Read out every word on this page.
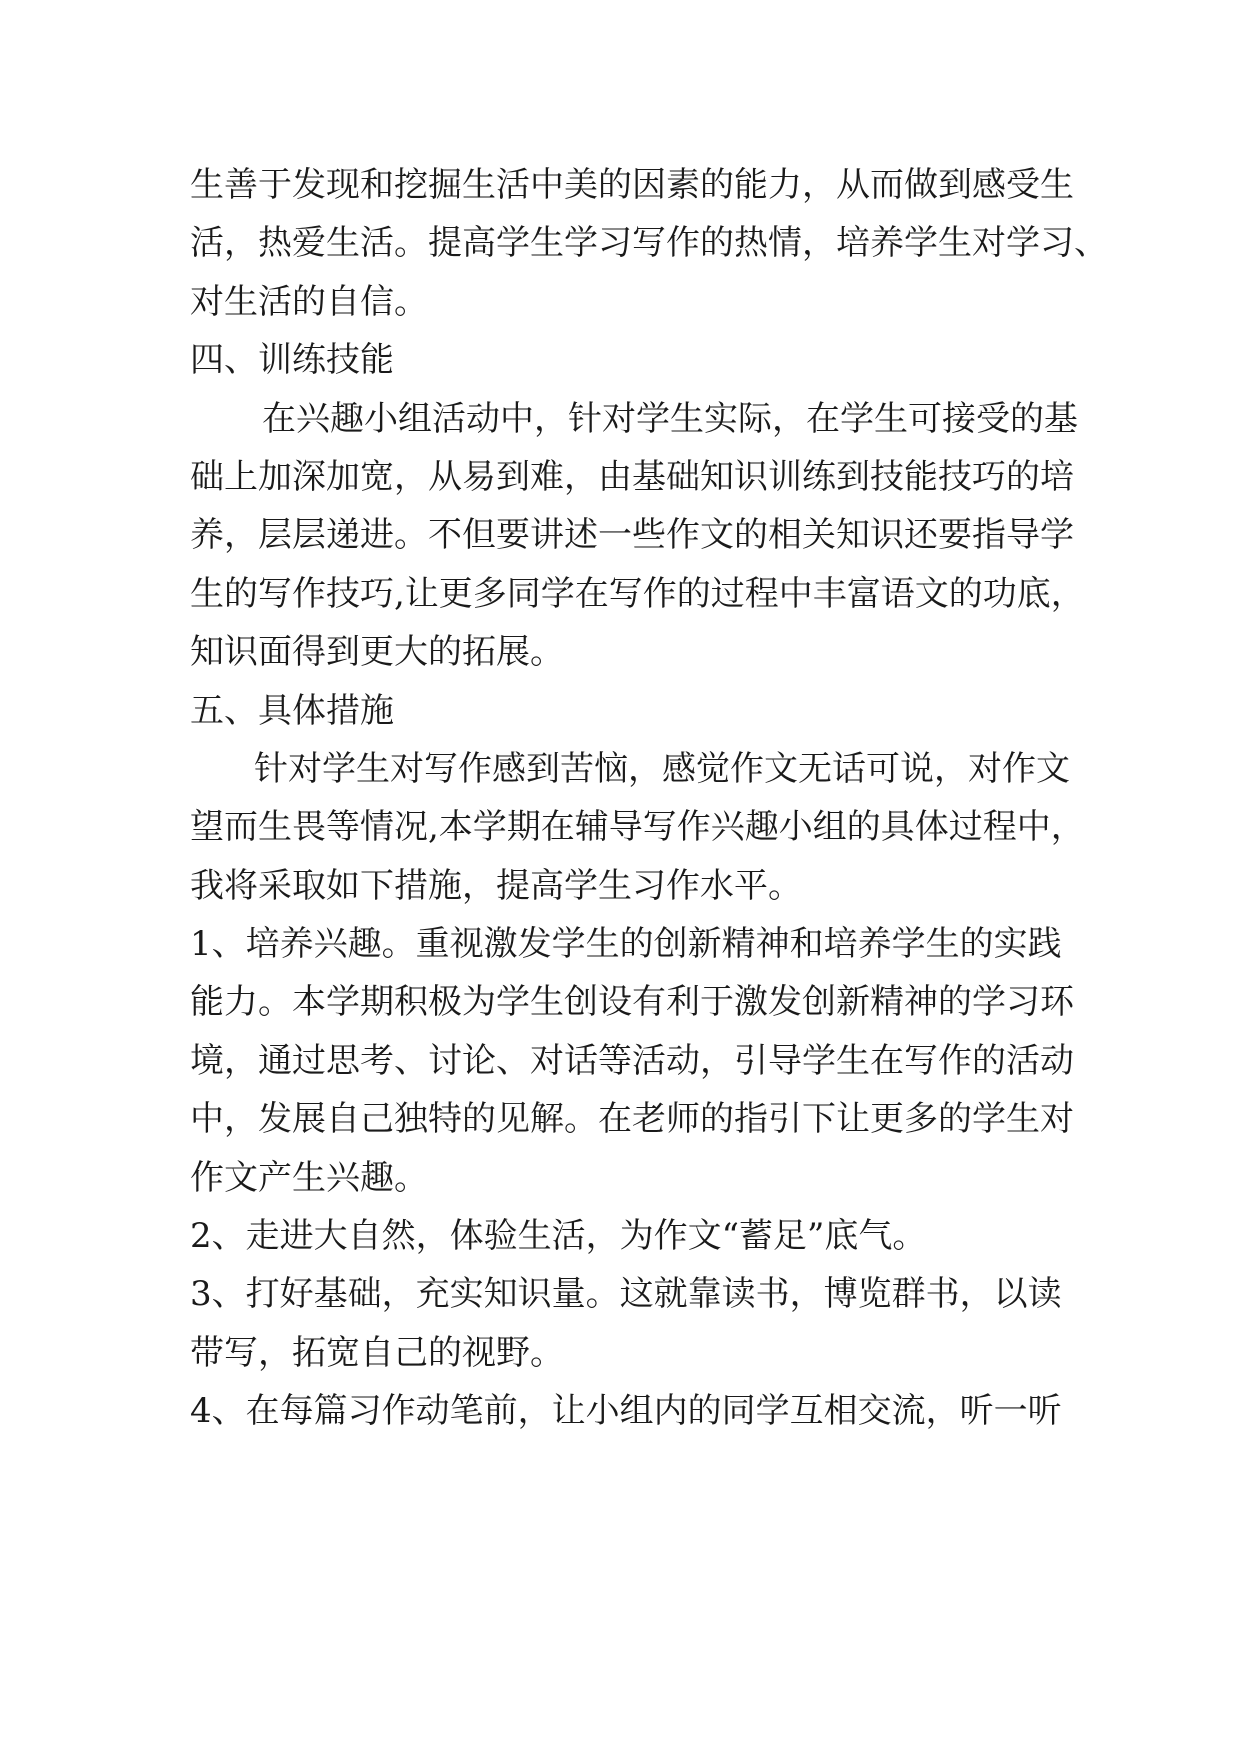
生善于发现和挖掘生活中美的因素的能力，从而做到感受生
活，热爱生活。提高学生学习写作的热情，培养学生对学习、
对生活的自信。
四、训练技能
在兴趣小组活动中，针对学生实际，在学生可接受的基
础上加深加宽，从易到难，由基础知识训练到技能技巧的培
养，层层递进。不但要讲述一些作文的相关知识还要指导学
生的写作技巧,让更多同学在写作的过程中丰富语文的功底，
知识面得到更大的拓展。
五、具体措施
针对学生对写作感到苦恼，感觉作文无话可说，对作文
望而生畏等情况,本学期在辅导写作兴趣小组的具体过程中，
我将采取如下措施，提高学生习作水平。
1、培养兴趣。重视激发学生的创新精神和培养学生的实践
能力。本学期积极为学生创设有利于激发创新精神的学习环
境，通过思考、讨论、对话等活动，引导学生在写作的活动
中，发展自己独特的见解。在老师的指引下让更多的学生对
作文产生兴趣。
2、走进大自然，体验生活，为作文“蓄足”底气。
3、打好基础，充实知识量。这就靠读书，博览群书，以读
带写，拓宽自己的视野。
4、在每篇习作动笔前，让小组内的同学互相交流，听一听
